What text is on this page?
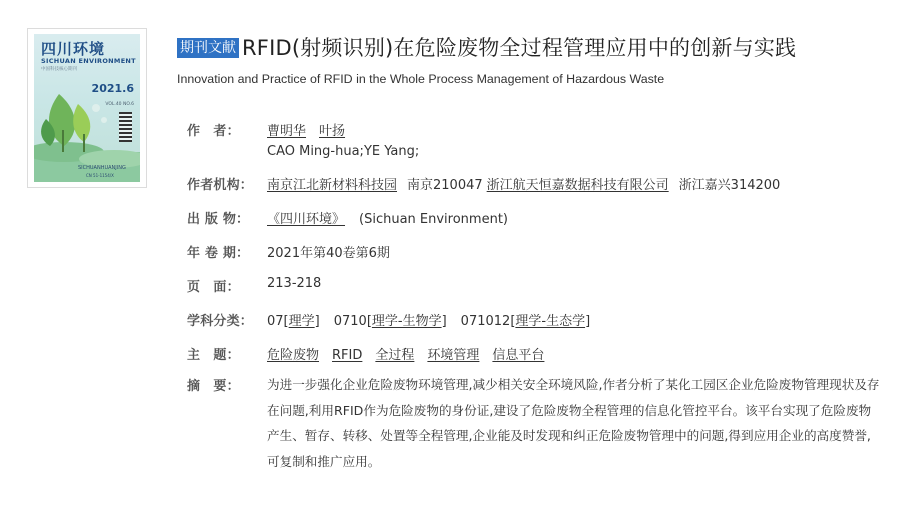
四川环境
SICHUAN ENVIRONMENT
中国科技核心期刊
2021.6
VOL.40 NO.6
SICHUANHUANJING
CN 51-1154/X
期刊文献 RFID(射频识别)在危险废物全过程管理应用中的创新与实践
Innovation and Practice of RFID in the Whole Process Management of Hazardous Waste
作　者：	曹明华 叶扬
CAO Ming-hua;YE Yang;
作者机构：	南京江北新材料科技园 南京210047 浙江航天恒嘉数据科技有限公司 浙江嘉兴314200
出 版 物：	《四川环境》 (Sichuan Environment)
年 卷 期：	2021年第40卷第6期
页　面：	213-218
学科分类：	07[理学] 0710[理学-生物学] 071012[理学-生态学]
主　题：	危险废物 RFID 全过程 环境管理 信息平台
摘　要：	为进一步强化企业危险废物环境管理,减少相关安全环境风险,作者分析了某化工园区企业危险废物管理现状及存在问题,利用RFID作为危险废物的身份证,建设了危险废物全程管理的信息化管控平台。该平台实现了危险废物产生、暂存、转移、处置等全程管理,企业能及时发现和纠正危险废物管理中的问题,得到应用企业的高度赞誉,可复制和推广应用。
